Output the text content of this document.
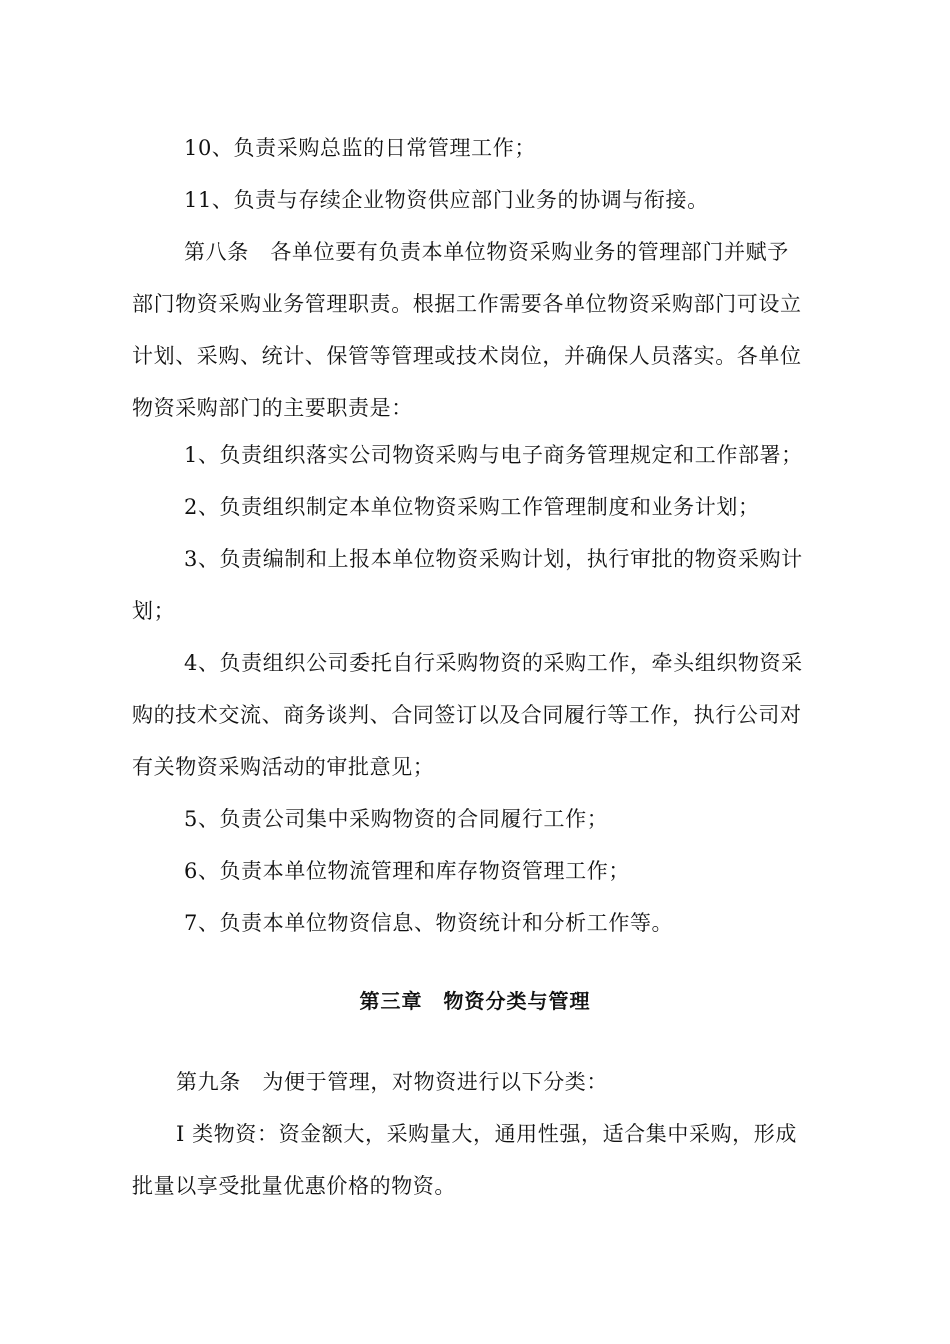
10、负责采购总监的日常管理工作；
11、负责与存续企业物资供应部门业务的协调与衔接。
第八条　各单位要有负责本单位物资采购业务的管理部门并赋予
部门物资采购业务管理职责。根据工作需要各单位物资采购部门可设立
计划、采购、统计、保管等管理或技术岗位，并确保人员落实。各单位
物资采购部门的主要职责是：
1、负责组织落实公司物资采购与电子商务管理规定和工作部署；
2、负责组织制定本单位物资采购工作管理制度和业务计划；
3、负责编制和上报本单位物资采购计划，执行审批的物资采购计
划；
4、负责组织公司委托自行采购物资的采购工作，牵头组织物资采
购的技术交流、商务谈判、合同签订以及合同履行等工作，执行公司对
有关物资采购活动的审批意见；
5、负责公司集中采购物资的合同履行工作；
6、负责本单位物流管理和库存物资管理工作；
7、负责本单位物资信息、物资统计和分析工作等。
第三章　物资分类与管理
第九条　为便于管理，对物资进行以下分类：
Ⅰ 类物资：资金额大，采购量大，通用性强，适合集中采购，形成
批量以享受批量优惠价格的物资。
